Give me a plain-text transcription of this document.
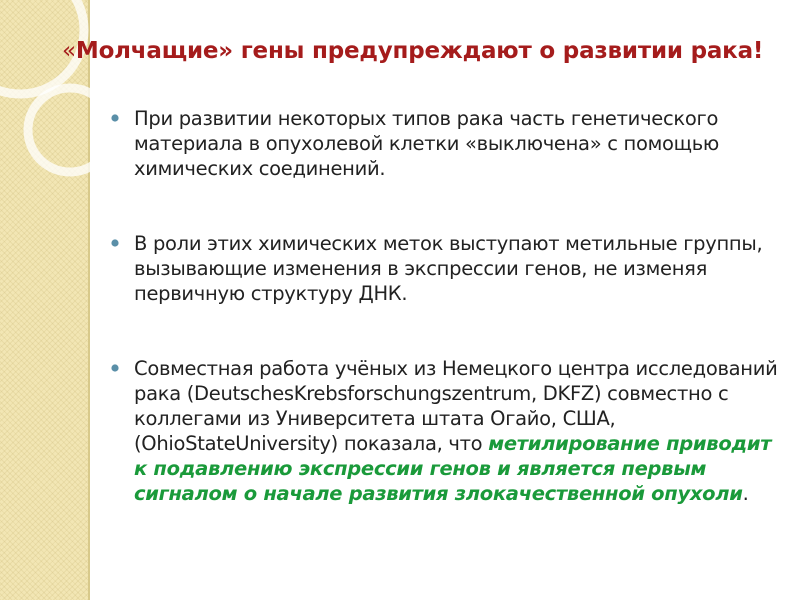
«Молчащие» гены предупреждают о развитии рака!
При развитии некоторых типов рака часть генетического материала в опухолевой клетки «выключена» с помощью химических соединений.
В роли этих химических меток выступают метильные группы, вызывающие изменения в экспрессии генов, не изменяя первичную структуру ДНК.
Совместная работа учёных из Немецкого центра исследований рака (DeutschesKrebsforschungszentrum, DKFZ) совместно с коллегами из Университета штата Огайо, США, (OhioStateUniversity) показала, что метилирование приводит к подавлению экспрессии генов и является первым сигналом о начале развития злокачественной опухоли.
